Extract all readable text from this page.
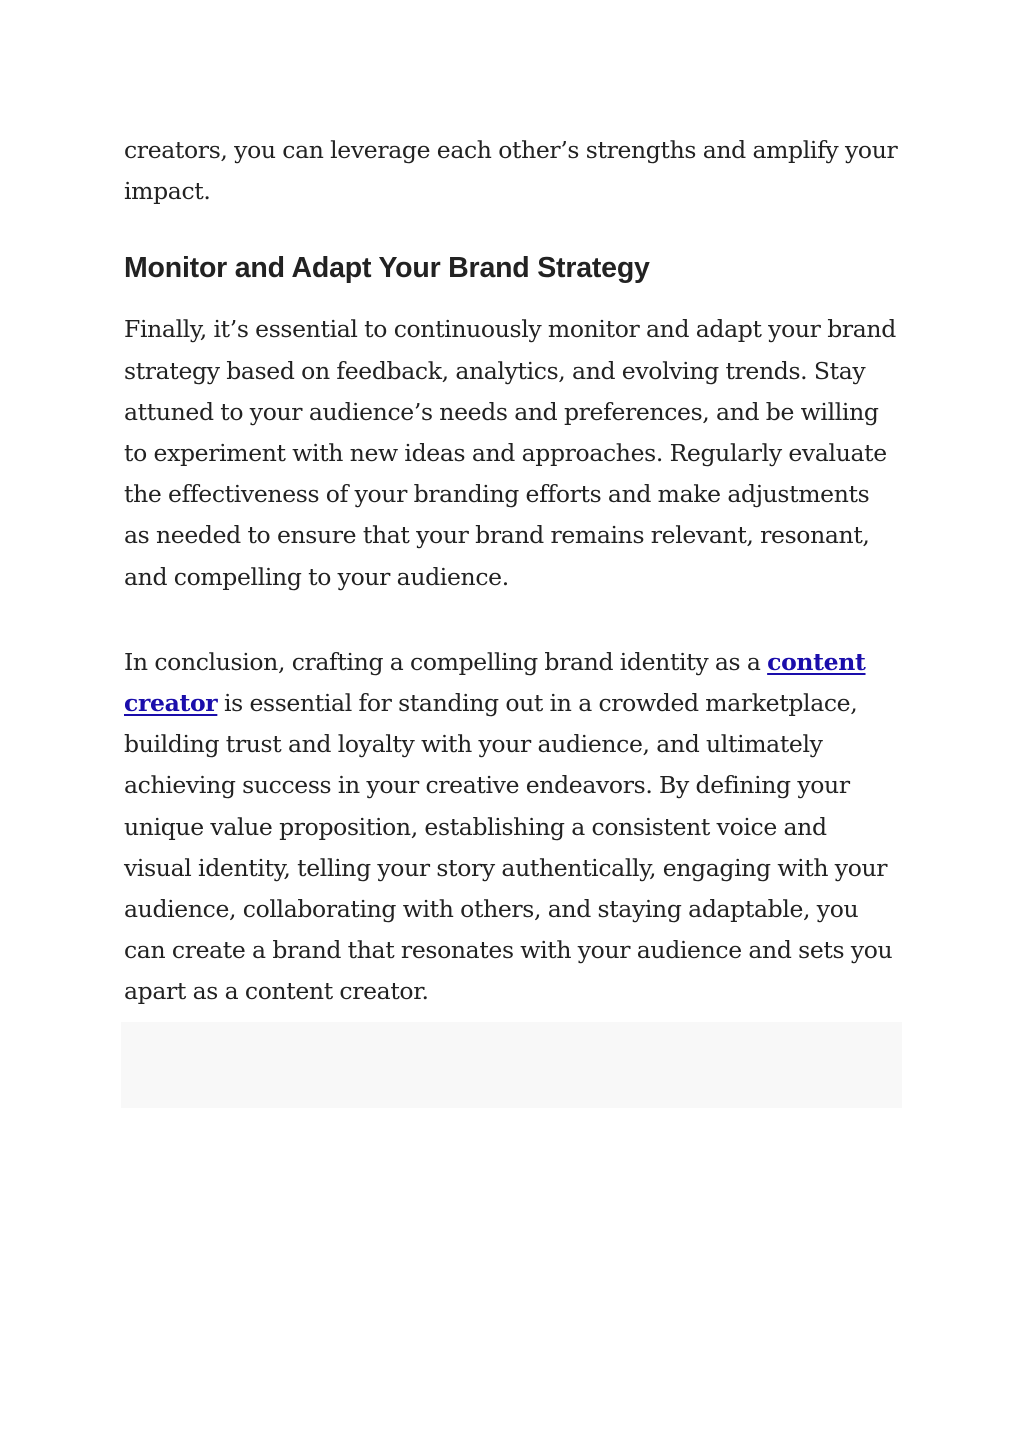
creators, you can leverage each other’s strengths and amplify your impact.

Monitor and Adapt Your Brand Strategy

Finally, it’s essential to continuously monitor and adapt your brand strategy based on feedback, analytics, and evolving trends. Stay attuned to your audience’s needs and preferences, and be willing to experiment with new ideas and approaches. Regularly evaluate the effectiveness of your branding efforts and make adjustments as needed to ensure that your brand remains relevant, resonant, and compelling to your audience.

In conclusion, crafting a compelling brand identity as a content creator is essential for standing out in a crowded marketplace, building trust and loyalty with your audience, and ultimately achieving success in your creative endeavors. By defining your unique value proposition, establishing a consistent voice and visual identity, telling your story authentically, engaging with your audience, collaborating with others, and staying adaptable, you can create a brand that resonates with your audience and sets you apart as a content creator.
